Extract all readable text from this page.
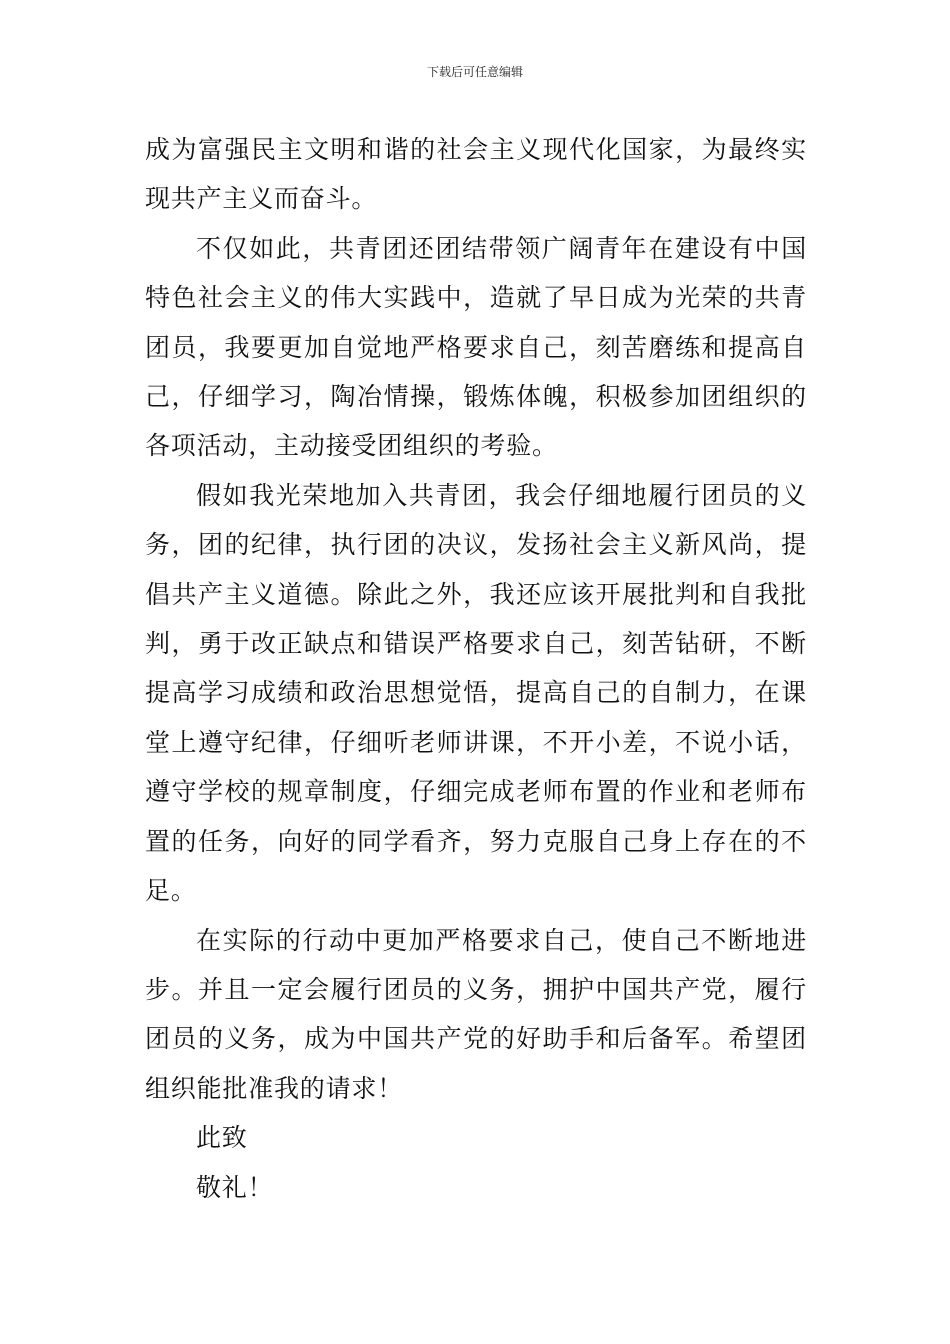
下载后可任意编辑

成为富强民主文明和谐的社会主义现代化国家，为最终实现共产主义而奋斗。

不仅如此，共青团还团结带领广阔青年在建设有中国特色社会主义的伟大实践中，造就了早日成为光荣的共青团员，我要更加自觉地严格要求自己，刻苦磨练和提高自己，仔细学习，陶冶情操，锻炼体魄，积极参加团组织的各项活动，主动接受团组织的考验。

假如我光荣地加入共青团，我会仔细地履行团员的义务，团的纪律，执行团的决议，发扬社会主义新风尚，提倡共产主义道德。除此之外，我还应该开展批判和自我批判，勇于改正缺点和错误严格要求自己，刻苦钻研，不断提高学习成绩和政治思想觉悟，提高自己的自制力，在课堂上遵守纪律，仔细听老师讲课，不开小差，不说小话，遵守学校的规章制度，仔细完成老师布置的作业和老师布置的任务，向好的同学看齐，努力克服自己身上存在的不足。

在实际的行动中更加严格要求自己，使自己不断地进步。并且一定会履行团员的义务，拥护中国共产党，履行团员的义务，成为中国共产党的好助手和后备军。希望团组织能批准我的请求！

此致

敬礼！
